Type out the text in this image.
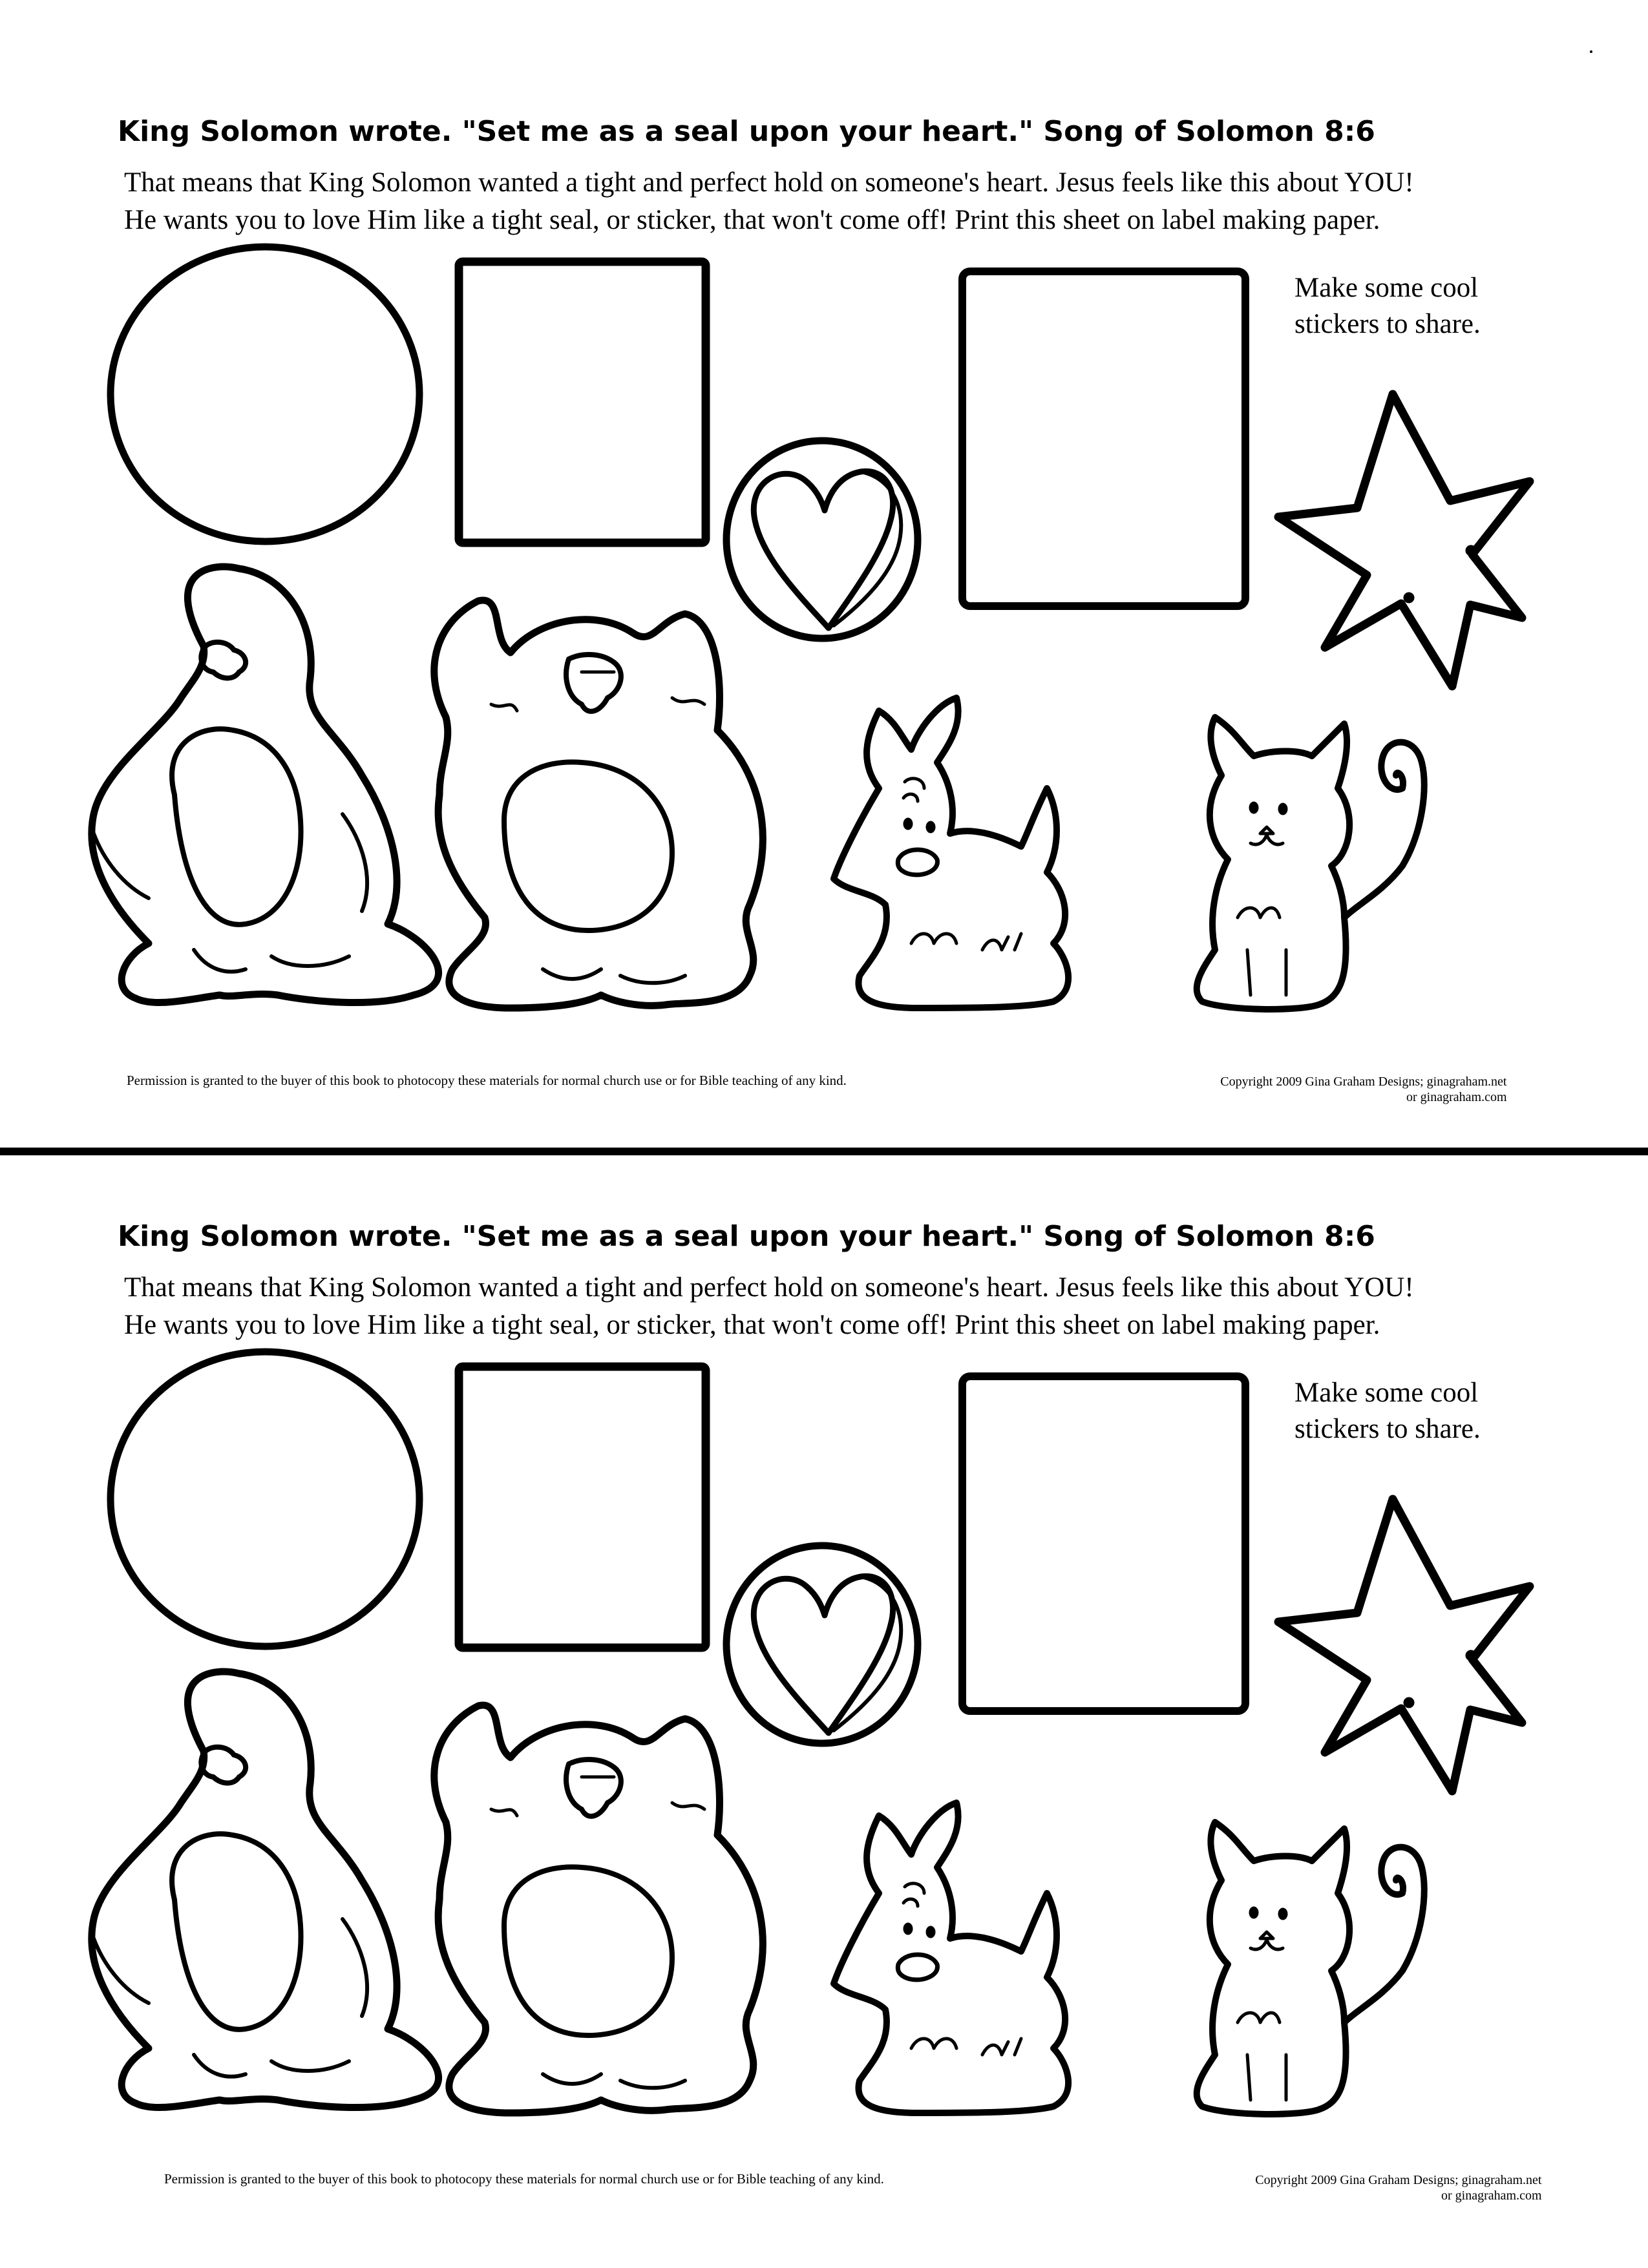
King Solomon wrote. "Set me as a seal upon your heart." Song of Solomon 8:6
That means that King Solomon wanted a tight and perfect hold on someone's heart. Jesus feels like this about YOU!
He wants you to love Him like a tight seal, or sticker, that won't come off! Print this sheet on label making paper.
Make some cool
stickers to share.
Permission is granted to the buyer of this book to photocopy these materials for normal church use or for Bible teaching of any kind.	Copyright 2009 Gina Graham Designs; ginagraham.net
or ginagraham.com
King Solomon wrote. "Set me as a seal upon your heart." Song of Solomon 8:6
That means that King Solomon wanted a tight and perfect hold on someone's heart. Jesus feels like this about YOU!
He wants you to love Him like a tight seal, or sticker, that won't come off! Print this sheet on label making paper.
Make some cool
stickers to share.
Permission is granted to the buyer of this book to photocopy these materials for normal church use or for Bible teaching of any kind.	Copyright 2009 Gina Graham Designs; ginagraham.net
or ginagraham.com
